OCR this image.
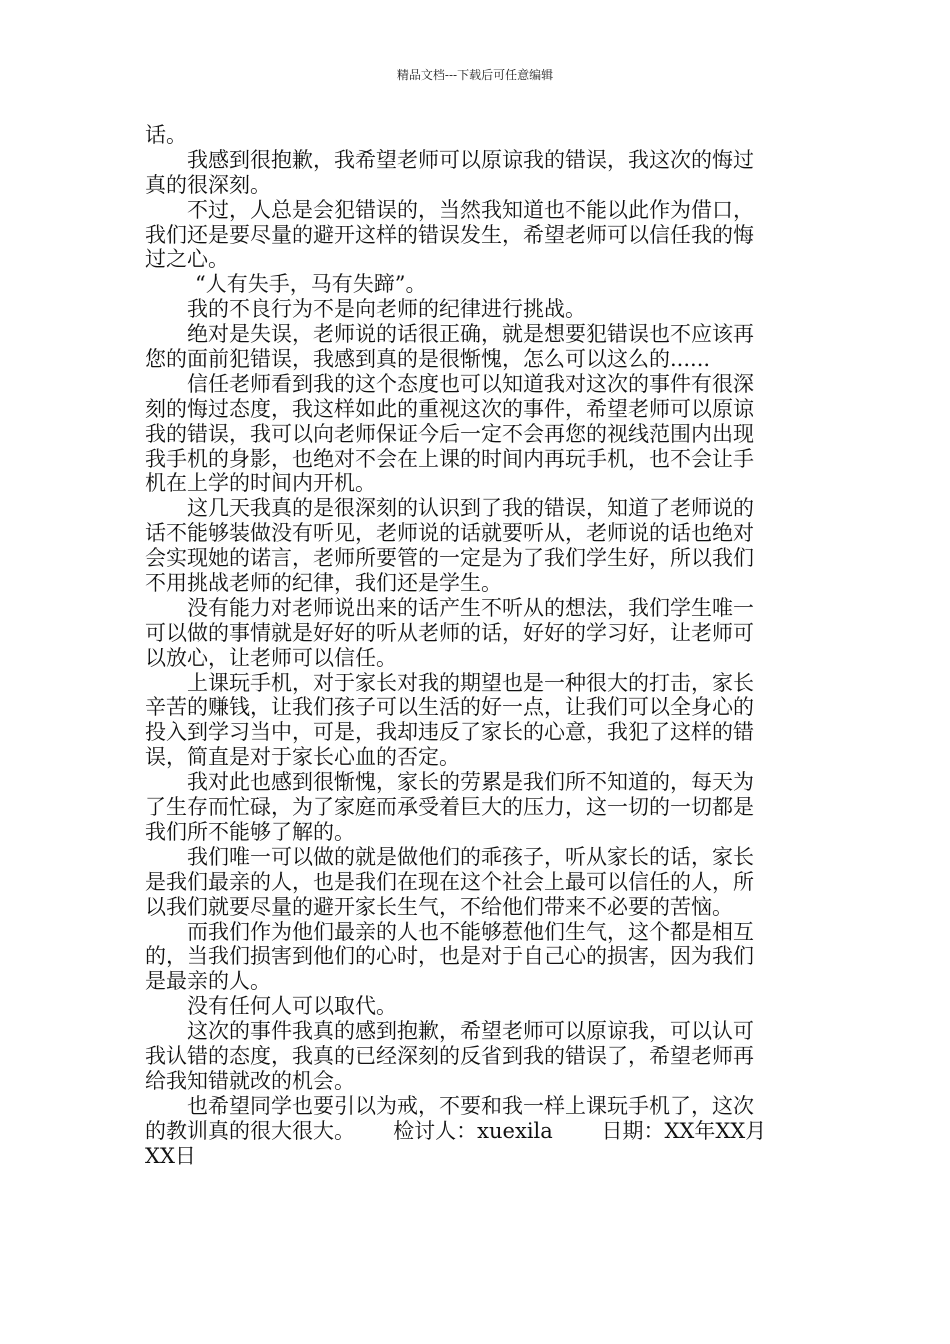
精品文档---下载后可任意编辑
话。
我感到很抱歉，我希望老师可以原谅我的错误，我这次的悔过
真的很深刻。
不过，人总是会犯错误的，当然我知道也不能以此作为借口，
我们还是要尽量的避开这样的错误发生，希望老师可以信任我的悔
过之心。
“人有失手，马有失蹄”。
我的不良行为不是向老师的纪律进行挑战。
绝对是失误，老师说的话很正确，就是想要犯错误也不应该再
您的面前犯错误，我感到真的是很惭愧，怎么可以这么的......
信任老师看到我的这个态度也可以知道我对这次的事件有很深
刻的悔过态度，我这样如此的重视这次的事件，希望老师可以原谅
我的错误，我可以向老师保证今后一定不会再您的视线范围内出现
我手机的身影，也绝对不会在上课的时间内再玩手机，也不会让手
机在上学的时间内开机。
这几天我真的是很深刻的认识到了我的错误，知道了老师说的
话不能够装做没有听见，老师说的话就要听从，老师说的话也绝对
会实现她的诺言，老师所要管的一定是为了我们学生好，所以我们
不用挑战老师的纪律，我们还是学生。
没有能力对老师说出来的话产生不听从的想法，我们学生唯一
可以做的事情就是好好的听从老师的话，好好的学习好，让老师可
以放心，让老师可以信任。
上课玩手机，对于家长对我的期望也是一种很大的打击，家长
辛苦的赚钱，让我们孩子可以生活的好一点，让我们可以全身心的
投入到学习当中，可是，我却违反了家长的心意，我犯了这样的错
误，简直是对于家长心血的否定。
我对此也感到很惭愧，家长的劳累是我们所不知道的，每天为
了生存而忙碌，为了家庭而承受着巨大的压力，这一切的一切都是
我们所不能够了解的。
我们唯一可以做的就是做他们的乖孩子，听从家长的话，家长
是我们最亲的人，也是我们在现在这个社会上最可以信任的人，所
以我们就要尽量的避开家长生气，不给他们带来不必要的苦恼。
而我们作为他们最亲的人也不能够惹他们生气，这个都是相互
的，当我们损害到他们的心时，也是对于自己心的损害，因为我们
是最亲的人。
没有任何人可以取代。
这次的事件我真的感到抱歉，希望老师可以原谅我，可以认可
我认错的态度，我真的已经深刻的反省到我的错误了，希望老师再
给我知错就改的机会。
也希望同学也要引以为戒，不要和我一样上课玩手机了，这次
的教训真的很大很大。　　 检讨人：xuexila　　 日期：XX年XX月
XX日
